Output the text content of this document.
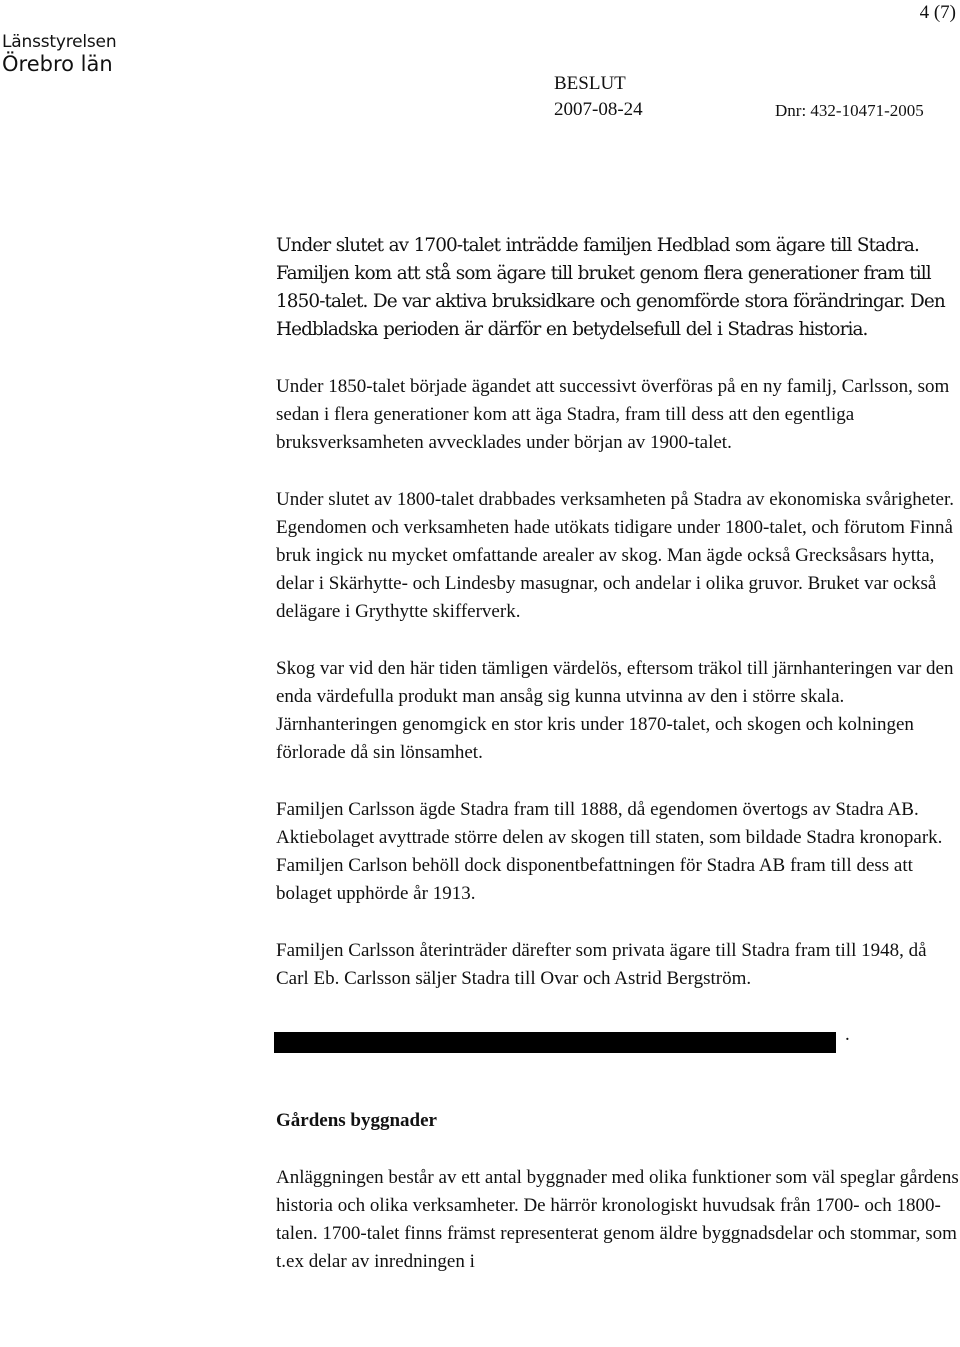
4 (7)
Länsstyrelsen
Örebro län
BESLUT
2007-08-24	Dnr: 432-10471-2005

Under slutet av 1700-talet inträdde familjen Hedblad som ägare till Stadra. Familjen kom att stå som ägare till bruket genom flera generationer fram till 1850-talet. De var aktiva bruksidkare och genomförde stora förändringar. Den Hedbladska perioden är därför en betydelsefull del i Stadras historia.

Under 1850-talet började ägandet att successivt överföras på en ny familj, Carlsson, som sedan i flera generationer kom att äga Stadra, fram till dess att den egentliga bruksverksamheten avvecklades under början av 1900-talet.

Under slutet av 1800-talet drabbades verksamheten på Stadra av ekonomiska svårigheter. Egendomen och verksamheten hade utökats tidigare under 1800-talet, och förutom Finnå bruk ingick nu mycket omfattande arealer av skog. Man ägde också Grecksåsars hytta, delar i Skärhytte- och Lindesby masugnar, och andelar i olika gruvor. Bruket var också delägare i Grythytte skifferverk.

Skog var vid den här tiden tämligen värdelös, eftersom träkol till järnhanteringen var den enda värdefulla produkt man ansåg sig kunna utvinna av den i större skala. Järnhanteringen genomgick en stor kris under 1870-talet, och skogen och kolningen förlorade då sin lönsamhet.

Familjen Carlsson ägde Stadra fram till 1888, då egendomen övertogs av Stadra AB. Aktiebolaget avyttrade större delen av skogen till staten, som bildade Stadra kronopark. Familjen Carlson behöll dock disponentbefattningen för Stadra AB fram till dess att bolaget upphörde år 1913.

Familjen Carlsson återinträder därefter som privata ägare till Stadra fram till 1948, då Carl Eb. Carlsson säljer Stadra till Ovar och Astrid Bergström.

.

Gårdens byggnader

Anläggningen består av ett antal byggnader med olika funktioner som väl speglar gårdens historia och olika verksamheter. De härrör kronologiskt huvudsak från 1700- och 1800-talen. 1700-talet finns främst representerat genom äldre byggnadsdelar och stommar, som t.ex delar av inredningen i
